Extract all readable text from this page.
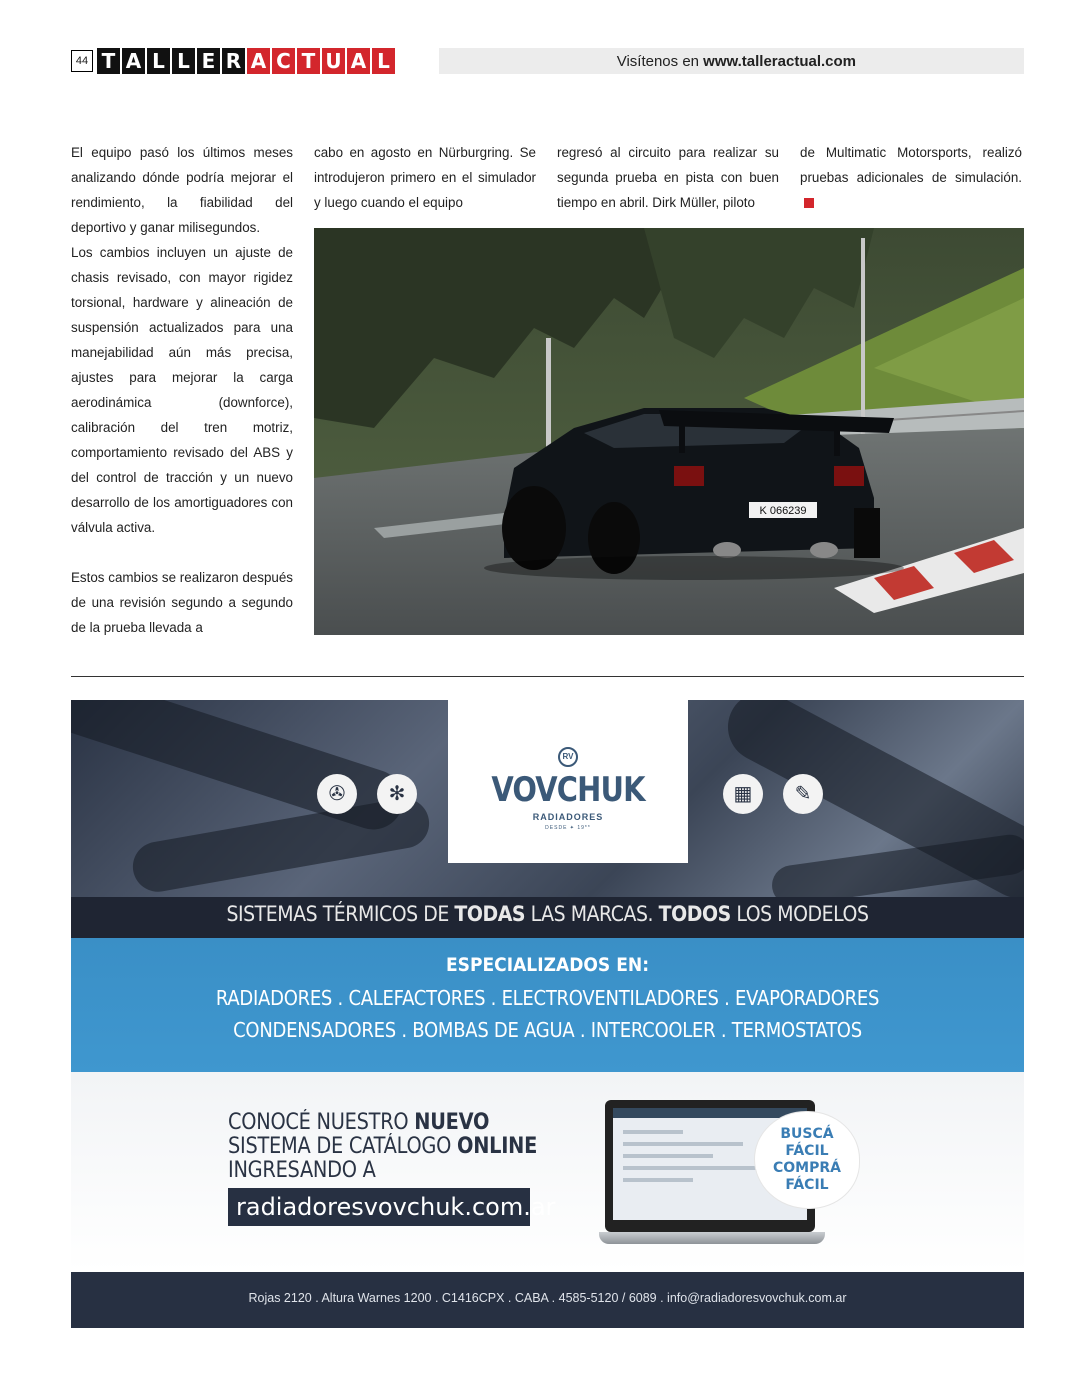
44 T A L L E R A C T U A L	Visítenos en www.talleractual.com

El equipo pasó los últimos meses analizando dónde podría mejorar el rendimiento, la fiabilidad del deportivo y ganar milisegundos.

Los cambios incluyen un ajuste de chasis revisado, con mayor rigidez torsional, hardware y alineación de suspensión actualizados para una manejabilidad aún más precisa, ajustes para mejorar la carga aerodinámica (downforce), calibración del tren motriz, comportamiento revisado del ABS y del control de tracción y un nuevo desarrollo de los amortiguadores con válvula activa.

Estos cambios se realizaron después de una revisión segundo a segundo de la prueba llevada a

cabo en agosto en Nürburgring. Se introdujeron primero en el simulador y luego cuando el equipo

regresó al circuito para realizar su segunda prueba en pista con buen tiempo en abril. Dirk Müller, piloto

de Multimatic Motorsports, realizó pruebas adicionales de simulación.

K 066239
✇	✻	▦	✎
RV
VOVCHUK
RADIADORES
DESDE ✦ 19**
SISTEMAS TÉRMICOS DE TODAS LAS MARCAS. TODOS LOS MODELOS
ESPECIALIZADOS EN:
RADIADORES . CALEFACTORES . ELECTROVENTILADORES . EVAPORADORES
CONDENSADORES . BOMBAS DE AGUA . INTERCOOLER . TERMOSTATOS
CONOCÉ NUESTRO NUEVO
SISTEMA DE CATÁLOGO ONLINE
INGRESANDO A
radiadoresvovchuk.com.ar
BUSCÁ
FÁCIL
COMPRÁ
FÁCIL
Rojas 2120 . Altura Warnes 1200 . C1416CPX . CABA . 4585-5120 / 6089 . info@radiadoresvovchuk.com.ar
